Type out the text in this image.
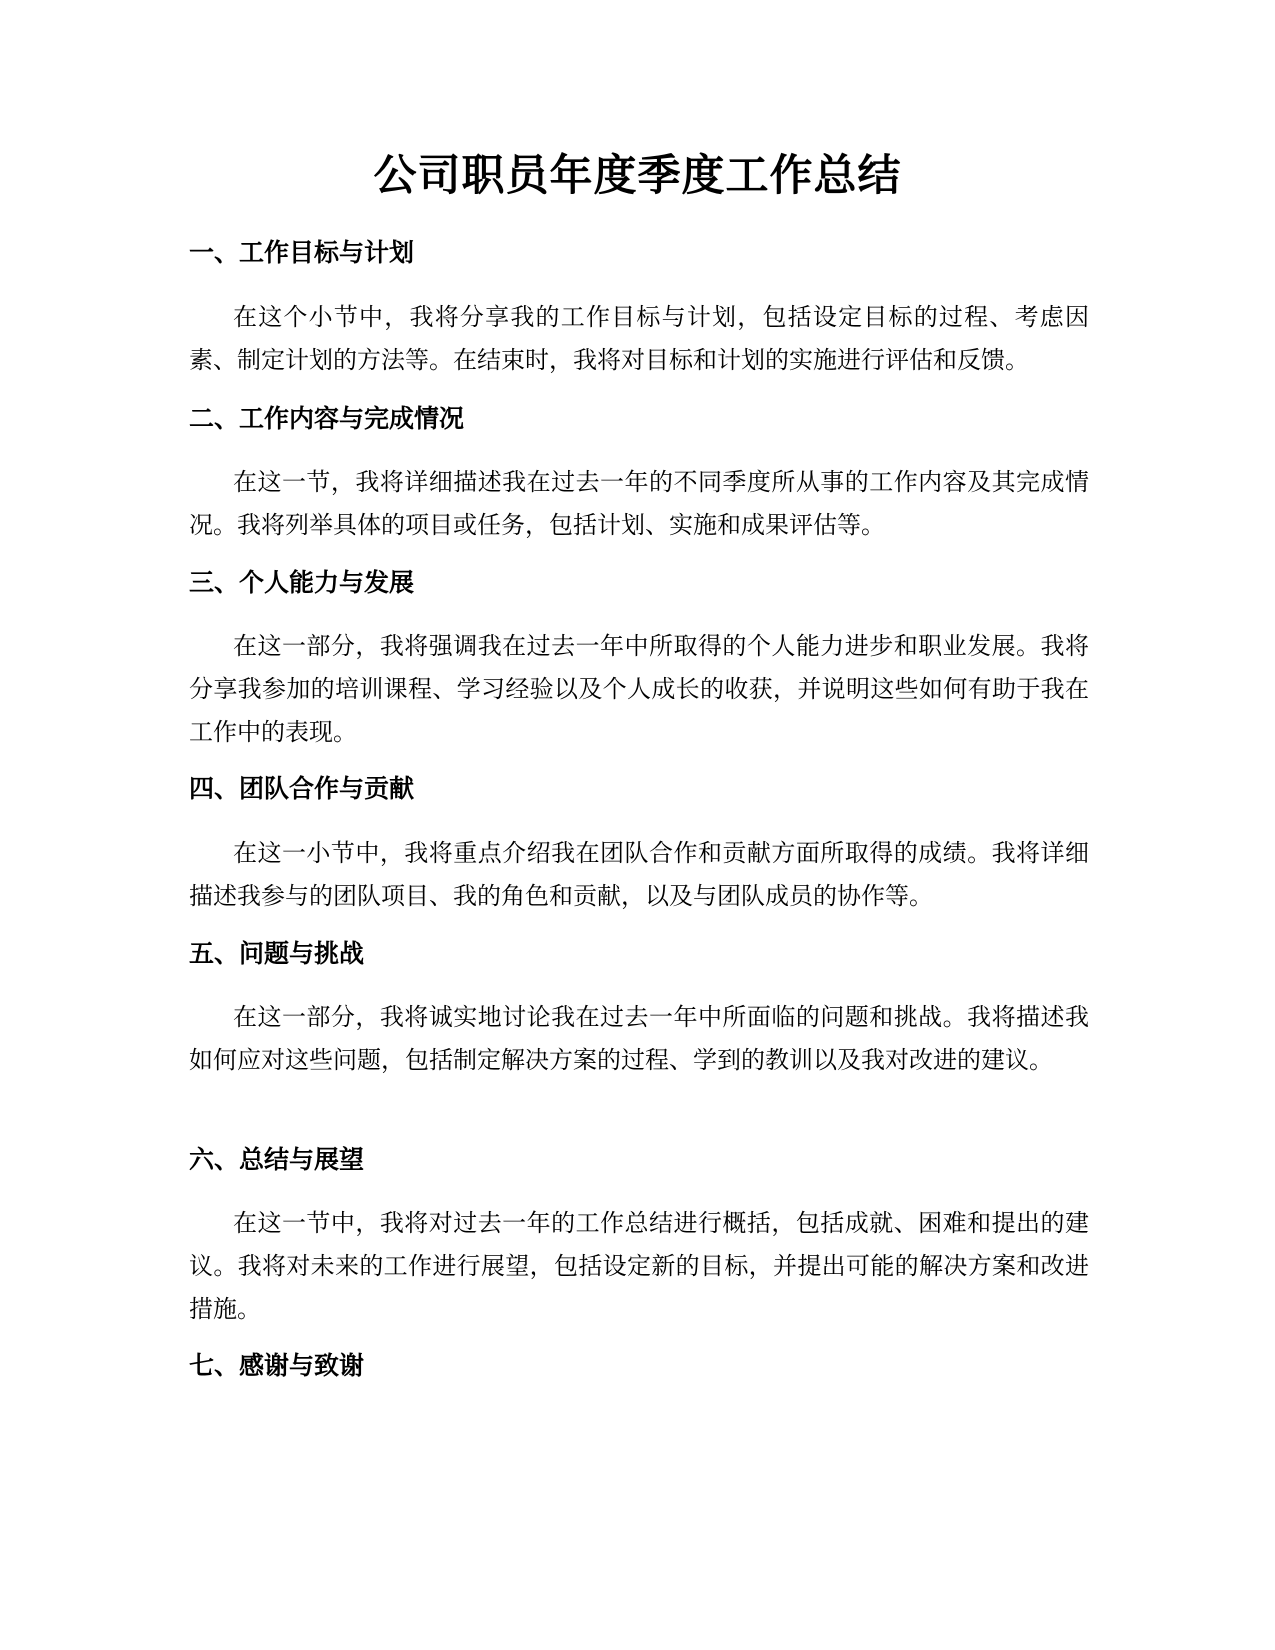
公司职员年度季度工作总结
一、工作目标与计划

在这个小节中，我将分享我的工作目标与计划，包括设定目标的过程、考虑因素、制定计划的方法等。在结束时，我将对目标和计划的实施进行评估和反馈。

二、工作内容与完成情况

在这一节，我将详细描述我在过去一年的不同季度所从事的工作内容及其完成情况。我将列举具体的项目或任务，包括计划、实施和成果评估等。

三、个人能力与发展

在这一部分，我将强调我在过去一年中所取得的个人能力进步和职业发展。我将分享我参加的培训课程、学习经验以及个人成长的收获，并说明这些如何有助于我在工作中的表现。

四、团队合作与贡献

在这一小节中，我将重点介绍我在团队合作和贡献方面所取得的成绩。我将详细描述我参与的团队项目、我的角色和贡献，以及与团队成员的协作等。

五、问题与挑战

在这一部分，我将诚实地讨论我在过去一年中所面临的问题和挑战。我将描述我如何应对这些问题，包括制定解决方案的过程、学到的教训以及我对改进的建议。

六、总结与展望

在这一节中，我将对过去一年的工作总结进行概括，包括成就、困难和提出的建议。我将对未来的工作进行展望，包括设定新的目标，并提出可能的解决方案和改进措施。

七、感谢与致谢
